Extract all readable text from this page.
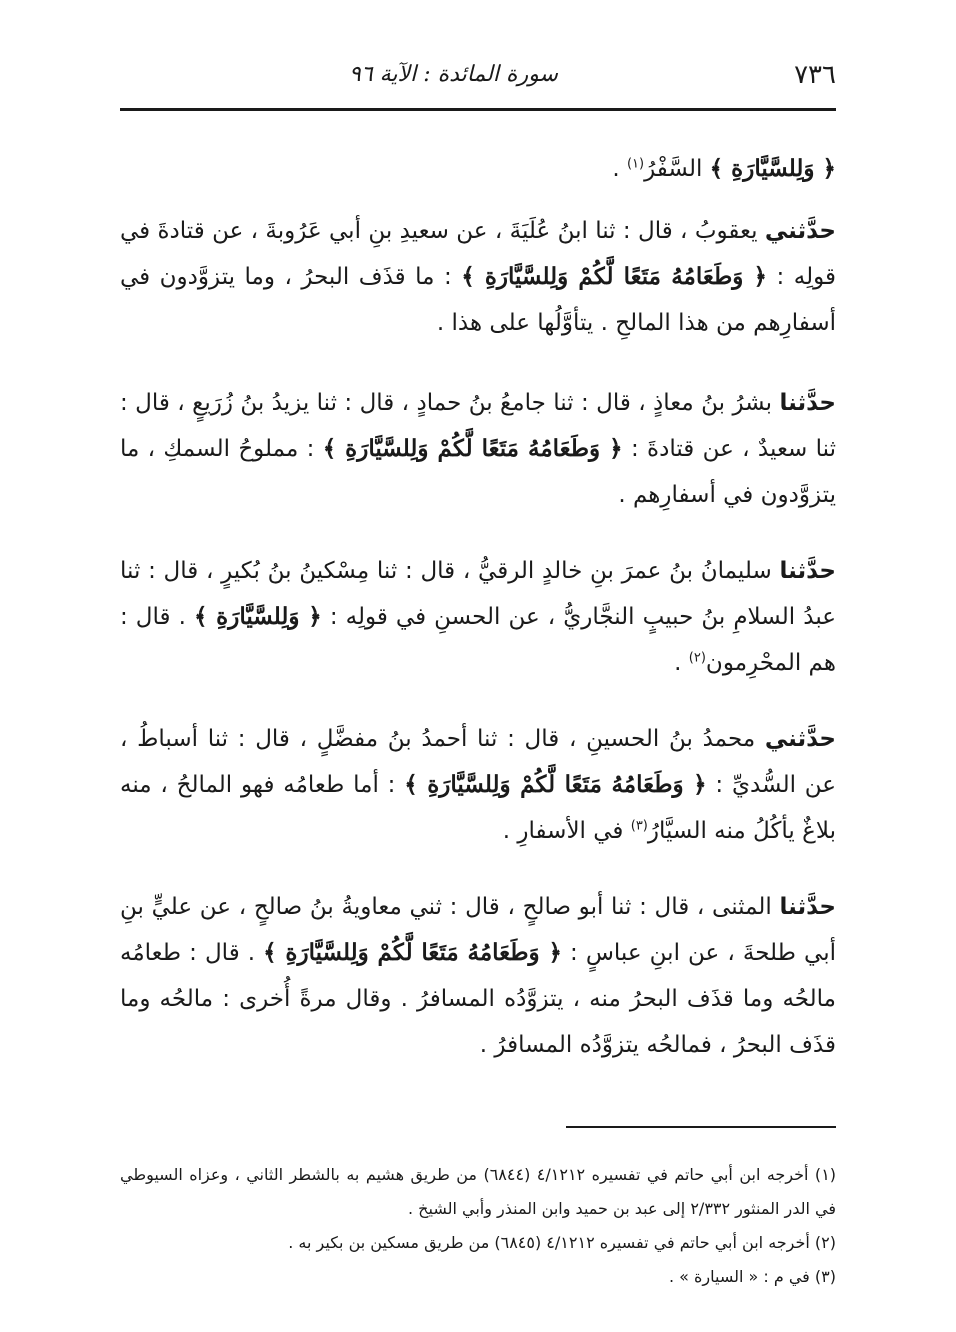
٧٣٦
سورة المائدة : الآية ٩٦

﴿ وَلِلسَّيَّارَةِ ﴾ السَّفْرُ$^{(١)}$ .

حدَّثني يعقوبُ ، قال : ثنا ابنُ عُلَيَةَ ، عن سعيدِ بنِ أبي عَرُوبةَ ، عن قتادةَ في قولِه : ﴿ وَطَعَامُهُ مَتَعًا لَّكُمْ وَلِلسَّيَّارَةِ ﴾ : ما قذَف البحرُ ، وما يتزوَّدون في أسفارِهم من هذا المالحِ . يتأوَّلُها على هذا .

حدَّثنا بشرُ بنُ معاذٍ ، قال : ثنا جامعُ بنُ حمادٍ ، قال : ثنا يزيدُ بنُ زُرَيعٍ ، قال : ثنا سعيدٌ ، عن قتادةَ : ﴿ وَطَعَامُهُ مَتَعًا لَّكُمْ وَلِلسَّيَّارَةِ ﴾ : مملوحُ السمكِ ، ما يتزوَّدون في أسفارِهم .

حدَّثنا سليمانُ بنُ عمرَ بنِ خالدٍ الرقيُّ ، قال : ثنا مِسْكينُ بنُ بُكيرٍ ، قال : ثنا عبدُ السلامِ بنُ حبيبٍ النجَّاريُّ ، عن الحسنِ في قولِه : ﴿ وَلِلسَّيَّارَةِ ﴾ . قال : هم المحْرِمون$^{(٢)}$ .

حدَّثني محمدُ بنُ الحسينِ ، قال : ثنا أحمدُ بنُ مفضَّلٍ ، قال : ثنا أسباطُ ، عن السُّديِّ : ﴿ وَطَعَامُهُ مَتَعًا لَّكُمْ وَلِلسَّيَّارَةِ ﴾ : أما طعامُه فهو المالحُ ، منه بلاغٌ يأكُلُ منه السيَّارُ$^{(٣)}$ في الأسفارِ .

حدَّثنا المثنى ، قال : ثنا أبو صالحٍ ، قال : ثني معاويةُ بنُ صالحٍ ، عن عليٍّ بنِ أبي طلحةَ ، عن ابنِ عباسٍ : ﴿ وَطَعَامُهُ مَتَعًا لَّكُمْ وَلِلسَّيَّارَةِ ﴾ . قال : طعامُه مالحُه وما قذَف البحرُ منه ، يتزوَّدُه المسافرُ . وقال مرةً أُخرى : مالحُه وما قذَف البحرُ ، فمالحُه يتزوَّدُه المسافرُ .

(١) أخرجه ابن أبي حاتم في تفسيره ٤/١٢١٢ (٦٨٤٤) من طريق هشيم به بالشطر الثاني ، وعزاه السيوطي في الدر المنثور ٢/٣٣٢ إلى عبد بن حميد وابن المنذر وأبي الشيخ .

(٢) أخرجه ابن أبي حاتم في تفسيره ٤/١٢١٢ (٦٨٤٥) من طريق مسكين بن بكير به .

(٣) في م : « السيارة » .
